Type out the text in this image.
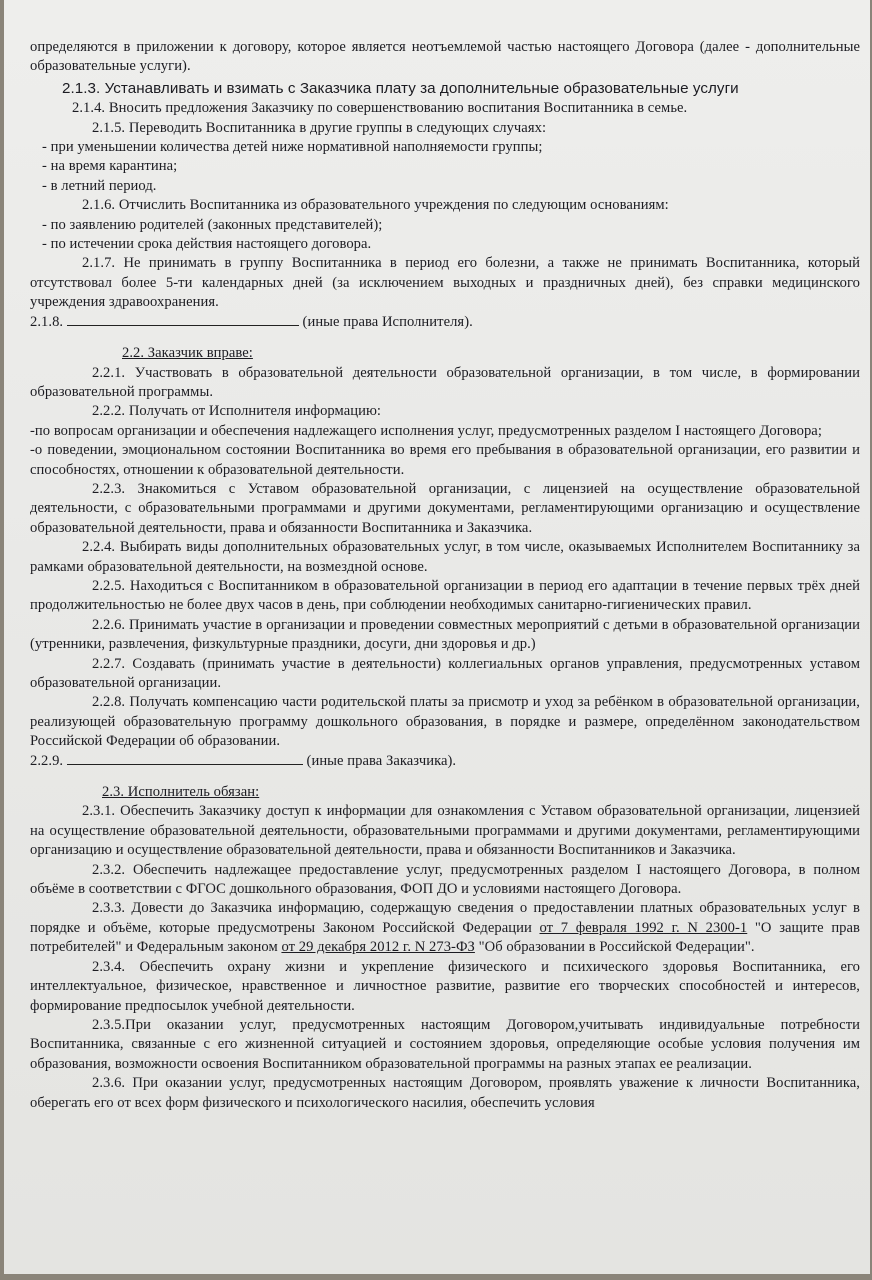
определяются в приложении к договору, которое является неотъемлемой частью настоящего Договора (далее - дополнительные образовательные услуги).

2.1.3. Устанавливать и взимать с Заказчика плату за дополнительные образовательные услуги

2.1.4. Вносить предложения Заказчику по совершенствованию воспитания Воспитанника в семье.

2.1.5. Переводить Воспитанника в другие группы в следующих случаях:

- при уменьшении количества детей ниже нормативной наполняемости группы;

- на время карантина;

- в летний период.

2.1.6. Отчислить Воспитанника из образовательного учреждения по следующим основаниям:

- по заявлению родителей (законных представителей);

- по истечении срока действия настоящего договора.

2.1.7. Не принимать в группу Воспитанника в период его болезни, а также не принимать Воспитанника, который отсутствовал более 5-ти календарных дней (за исключением выходных и праздничных дней), без справки медицинского учреждения здравоохранения.

2.1.8.	(иные права Исполнителя).

2.2. Заказчик вправе:

2.2.1. Участвовать в образовательной деятельности образовательной организации, в том числе, в формировании образовательной программы.

2.2.2. Получать от Исполнителя информацию:

-по вопросам организации и обеспечения надлежащего исполнения услуг, предусмотренных разделом I настоящего Договора;

-о поведении, эмоциональном состоянии Воспитанника во время его пребывания в образовательной организации, его развитии и способностях, отношении к образовательной деятельности.

2.2.3. Знакомиться с Уставом образовательной организации, с лицензией на осуществление образовательной деятельности, с образовательными программами и другими документами, регламентирующими организацию и осуществление образовательной деятельности, права и обязанности Воспитанника и Заказчика.

2.2.4. Выбирать виды дополнительных образовательных услуг, в том числе, оказываемых Исполнителем Воспитаннику за рамками образовательной деятельности, на возмездной основе.

2.2.5. Находиться с Воспитанником в образовательной организации в период его адаптации в течение первых трёх дней продолжительностью не более двух часов в день, при соблюдении необходимых санитарно-гигиенических правил.

2.2.6. Принимать участие в организации и проведении совместных мероприятий с детьми в образовательной организации (утренники, развлечения, физкультурные праздники, досуги, дни здоровья и др.)

2.2.7. Создавать (принимать участие в деятельности) коллегиальных органов управления, предусмотренных уставом образовательной организации.

2.2.8. Получать компенсацию части родительской платы за присмотр и уход за ребёнком в образовательной организации, реализующей образовательную программу дошкольного образования, в порядке и размере, определённом законодательством Российской Федерации об образовании.

2.2.9.	(иные права Заказчика).

2.3. Исполнитель обязан:

2.3.1. Обеспечить Заказчику доступ к информации для ознакомления с Уставом образовательной организации, лицензией на осуществление образовательной деятельности, образовательными программами и другими документами, регламентирующими организацию и осуществление образовательной деятельности, права и обязанности Воспитанников и Заказчика.

2.3.2. Обеспечить надлежащее предоставление услуг, предусмотренных разделом I настоящего Договора, в полном объёме в соответствии с ФГОС дошкольного образования, ФОП ДО и условиями настоящего Договора.

2.3.3. Довести до Заказчика информацию, содержащую сведения о предоставлении платных образовательных услуг в порядке и объёме, которые предусмотрены Законом Российской Федерации от 7 февраля 1992 г. N 2300-1 "О защите прав потребителей" и Федеральным законом от 29 декабря 2012 г. N 273-ФЗ "Об образовании в Российской Федерации".

2.3.4. Обеспечить охрану жизни и укрепление физического и психического здоровья Воспитанника, его интеллектуальное, физическое, нравственное и личностное развитие, развитие его творческих способностей и интересов, формирование предпосылок учебной деятельности.

2.3.5.При оказании услуг, предусмотренных настоящим Договором,учитывать индивидуальные потребности Воспитанника, связанные с его жизненной ситуацией и состоянием здоровья, определяющие особые условия получения им образования, возможности освоения Воспитанником образовательной программы на разных этапах ее реализации.

2.3.6. При оказании услуг, предусмотренных настоящим Договором, проявлять уважение к личности Воспитанника, оберегать его от всех форм физического и психологического насилия, обеспечить условия
